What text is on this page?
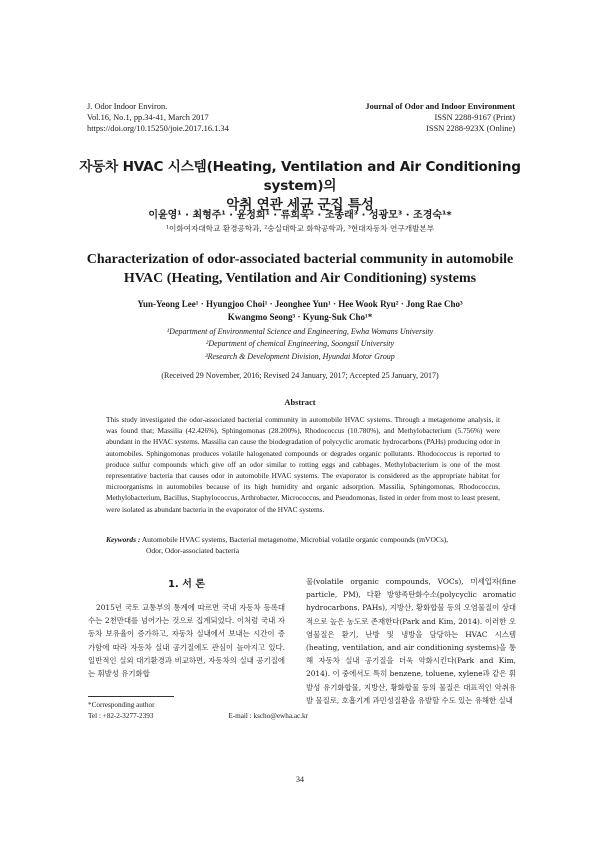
J. Odor Indoor Environ.
Vol.16, No.1, pp.34-41, March 2017
https://doi.org/10.15250/joie.2017.16.1.34
Journal of Odor and Indoor Environment
ISSN 2288-9167 (Print)
ISSN 2288-923X (Online)
자동차 HVAC 시스템(Heating, Ventilation and Air Conditioning system)의
악취 연관 세균 군집 특성
이윤영¹ · 최형주¹ · 윤정희¹ · 류희욱² · 조종래³ · 성광모³ · 조경숙¹*
¹이화여자대학교 환경공학과, ²숭실대학교 화학공학과, ³현대자동차 연구개발본부
Characterization of odor-associated bacterial community in automobile
HVAC (Heating, Ventilation and Air Conditioning) systems
Yun-Yeong Lee¹ · Hyungjoo Choi¹ · Jeonghee Yun¹ · Hee Wook Ryu² · Jong Rae Cho³
Kwangmo Seong³ · Kyung-Suk Cho¹*
¹Department of Environmental Science and Engineering, Ewha Womans University
²Department of chemical Engineering, Soongsil University
³Research & Development Division, Hyundai Motor Group
(Received 29 November, 2016; Revised 24 January, 2017; Accepted 25 January, 2017)
Abstract
This study investigated the odor-associated bacterial community in automobile HVAC systems. Through a metagenome analysis, it was found that; Massilia (42.426%), Sphingomonas (28.200%), Rhodococcus (10.780%), and Methylobacterium (5.756%) were abundant in the HVAC systems. Massilia can cause the biodegradation of polycyclic aromatic hydrocarbons (PAHs) producing odor in automobiles. Sphingomonas produces volatile halogenated compounds or degrades organic pollutants. Rhodococcus is reported to produce sulfur compounds which give off an odor similar to rotting eggs and cabbages. Methylobacterium is one of the most representative bacteria that causes odor in automobile HVAC systems. The evaporator is considered as the appropriate habitat for microorganisms in automobiles because of its high humidity and organic adsorption. Massilia, Sphingomonas, Rhodococcus, Methylobacterium, Bacillus, Staphylococcus, Arthrobacter, Micrococcus, and Pseudomonas, listed in order from most to least present, were isolated as abundant bacteria in the evaporator of the HVAC systems.
Keywords : Automobile HVAC systems, Bacterial metagenome, Microbial volatile organic compounds (mVOCs),
Odor, Odor-associated bacteria
1. 서 론
2015년 국토 교통부의 통계에 따르면 국내 자동차 등록대수는 2천만대를 넘어가는 것으로 집계되었다. 이처럼 국내 자동차 보유율이 증가하고, 자동차 실내에서 보내는 시간이 증가함에 따라 자동차 실내 공기질에도 관심이 높아지고 있다. 일반적인 실외 대기환경과 비교하면, 자동차의 실내 공기질에는 휘발성 유기화합
물(volatile organic compounds, VOCs), 미세입자(fine particle, PM), 다환 방향족탄화수소(polycyclic aromatic hydrocarbons, PAHs), 지방산, 황화합물 등의 오염물질이 상대적으로 높은 농도로 존재한다(Park and Kim, 2014). 이러한 오염물질은 환기, 난방 및 냉방을 담당하는 HVAC 시스템(heating, ventilation, and air conditioning systems)을 통해 자동차 실내 공기질을 더욱 악화시킨다(Park and Kim, 2014). 이 중에서도 특히 benzene, toluene, xylene과 같은 휘발성 유기화합물, 지방산, 황화합물 등의 물질은 대표적인 악취유발 물질로, 호흡기계 과민성질환을 유발할 수도 있는 유해한 실내
*Corresponding author
Tel : +82-2-3277-2393	E-mail : kscho@ewha.ac.kr
34
